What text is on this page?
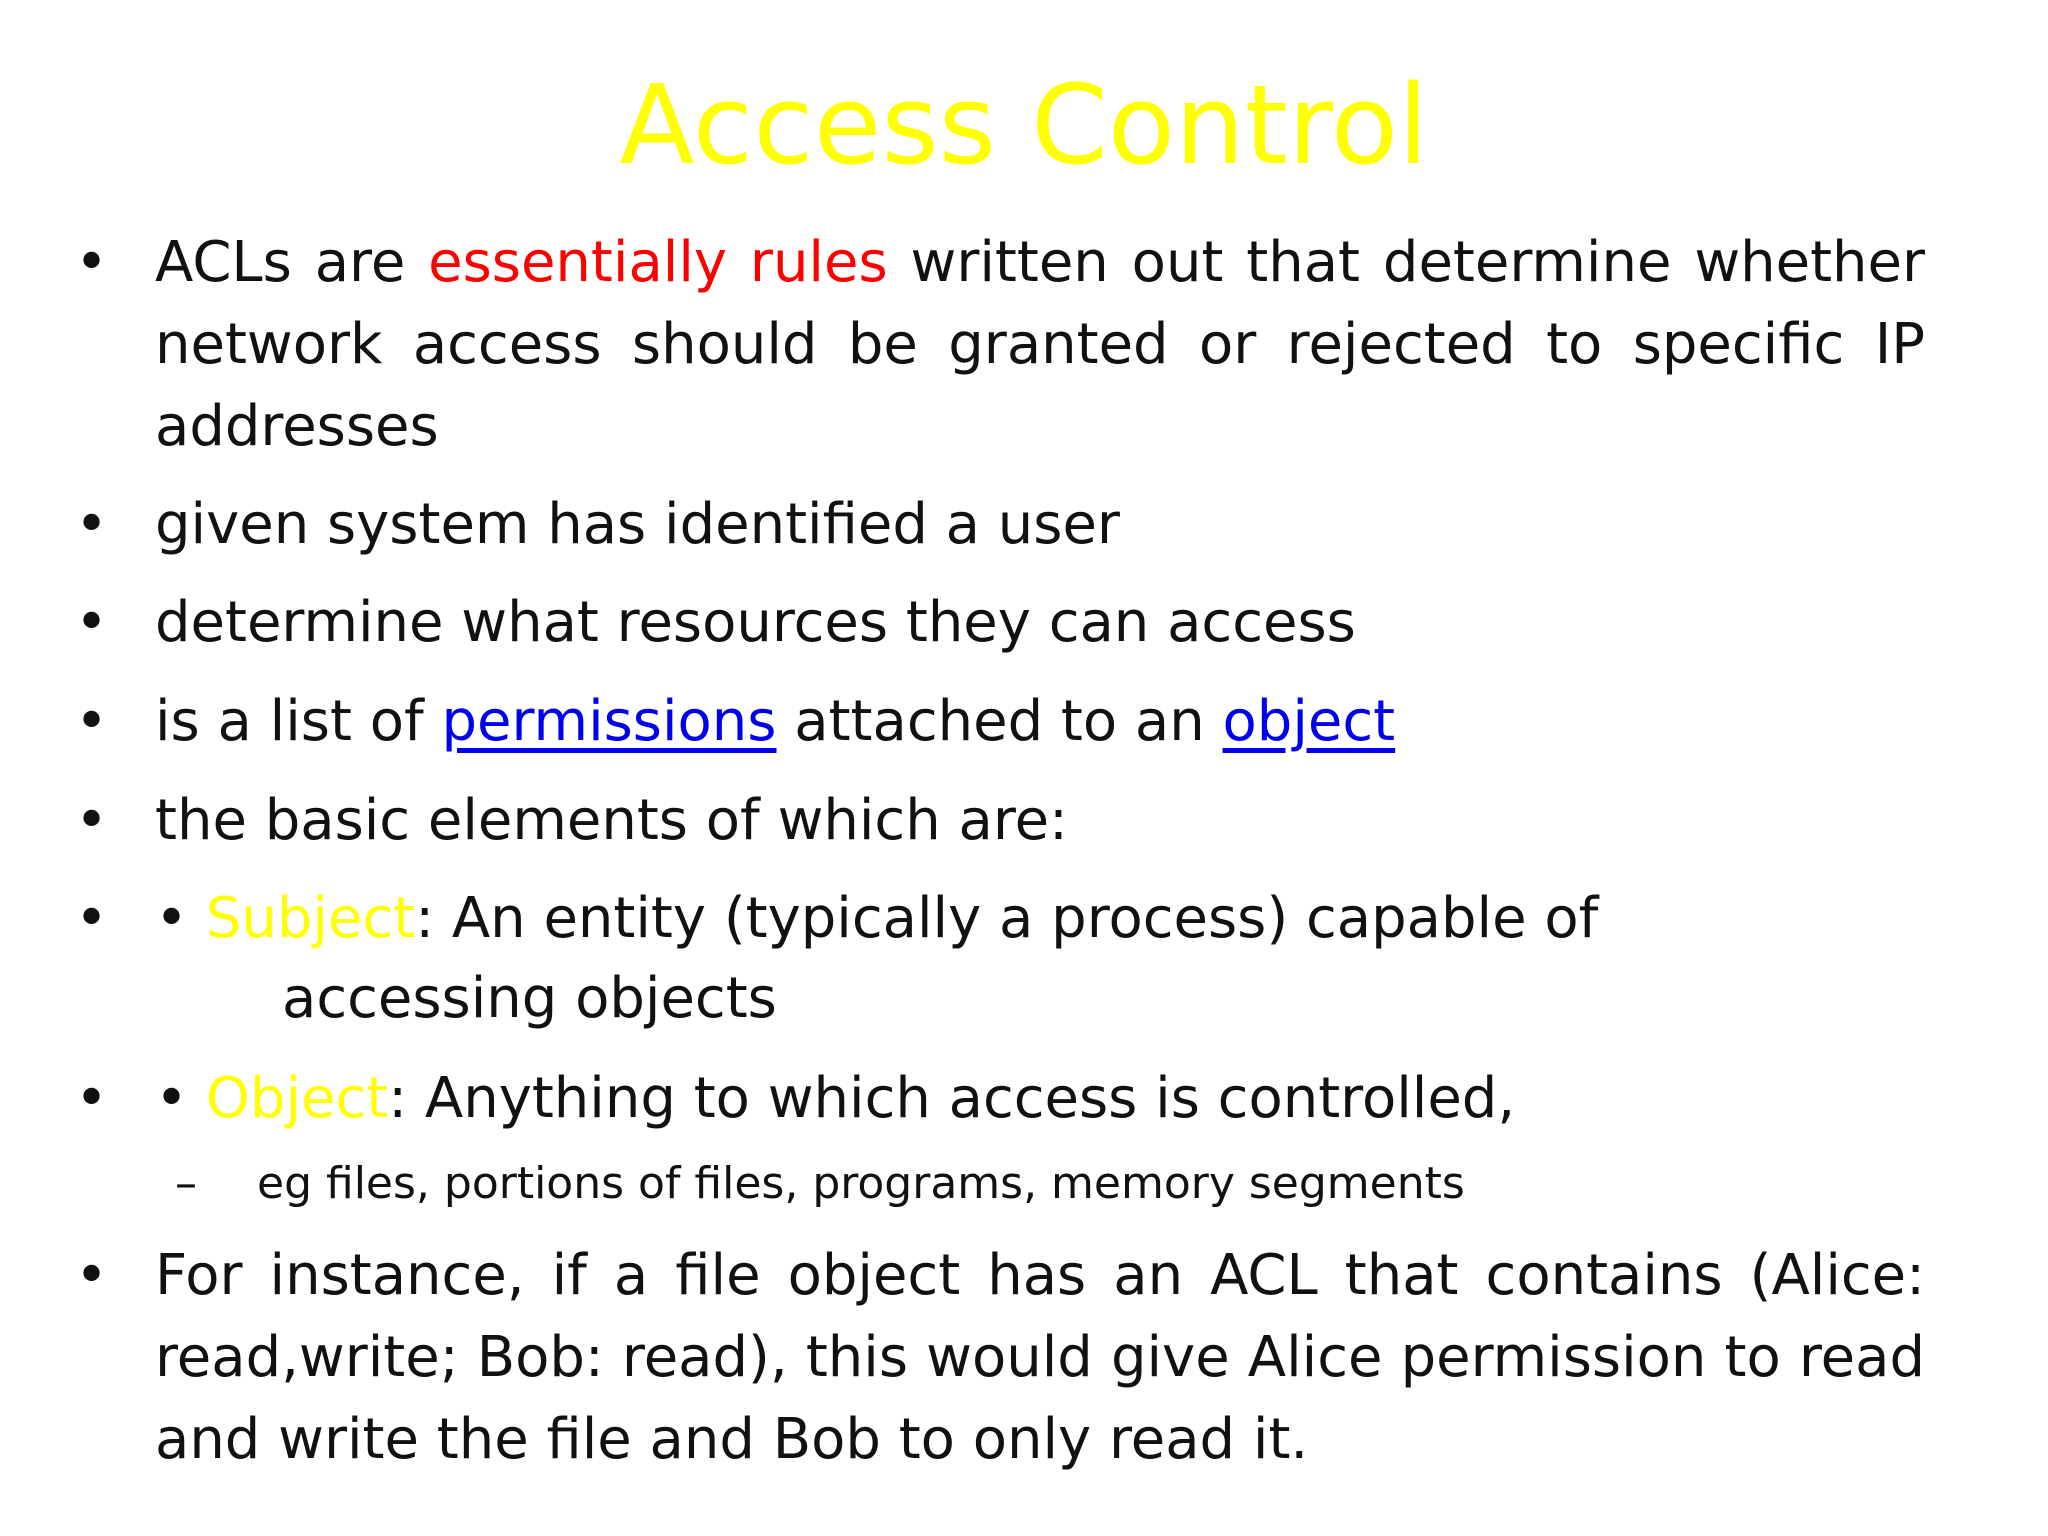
Access Control
• ACLs are essentially rules written out that determine whether network access should be granted or rejected to specific IP addresses
• given system has identified a user
• determine what resources they can access
• is a list of permissions attached to an object
• the basic elements of which are:
• • Subject: An entity (typically a process) capable of
accessing objects
• • Object: Anything to which access is controlled,
– eg files, portions of files, programs, memory segments
• For instance, if a file object has an ACL that contains (Alice: read,write; Bob: read), this would give Alice permission to read and write the file and Bob to only read it.
